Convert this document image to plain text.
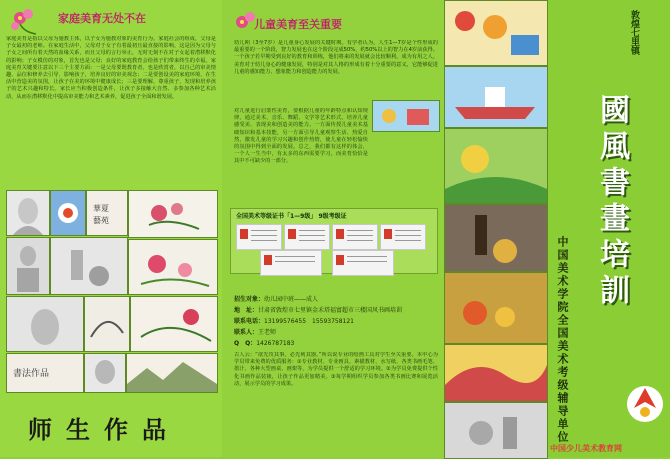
家庭美育无处不在
家庭美育是指以父母为施教主体，以子女为施教对象的美育行为。家庭社会的组成，父母是子女最初的老师。在家庭生活中，父母对于女子有着最初且最直接的影响。这是因为父母与子女之间所有着天然的血缘关系，而且父母的言行举止，无时无刻不在对子女起着潜移默化的影响；子女模仿的对象，首先也是父母；良好的家庭教育会给孩子们带来终生的幸福。家庭美育关键要注意以下三个主要方面：一是父母要既教育者，也是欣赏者，以自己的审美情趣、品位和修养去引导、影响孩子，培养良好的审美观念；二是要创设美的家庭环境，在生活中营造美的氛围，让孩子在美的环境中健康成长；三是要理解、尊重孩子，发现和培养孩子的艺术兴趣和特长。家长应当积极创造条件，让孩子多接触大自然、多参加各种艺术活动，从而在潜移默化中提高审美能力和艺术素养，促进孩子全面和谐发展。
華夏
藝苑
書法作品
师生作品
儿童美育至关重要
幼儿期（3至7岁）是儿童身心发展的关键时期。有学者认为，人生1—7岁是个性形成的最重要的一个阶段，智力发展也在这个阶段完成50%，约50%以上的智力在4岁前获得。一个孩子若早期受到良好的教育和训练，他们将来的发展就会比较顺利，成为有用之人。美育对于幼儿身心的健康发展，特别是对其人格的形成有着十分重要的意义，它能够促进儿童的感知能力、想象能力和创造能力的发展。
对儿童进行启蒙性美育，要根据儿童的年龄特点和认知规律，通过美术、音乐、舞蹈、文学等艺术形式，培养儿童感受美、表现美和创造美的能力。一方面传授儿童美术基础知识和基本技能，另一方面引导儿童观察生活、热爱自然，激发儿童的学习兴趣和创作热情，使儿童在轻松愉快的氛围中得到全面的发展。总之，我们都有这样的体会，一个人一生当中，有太多的东西需要学习，而美育恰恰是其中不可缺少的一部分。
全国美术等级证书「1—9级」 9级考级证
招生对象：幼儿园中班——成人
地　址：甘肃省敦煌市七里镇金禾塔福富超市三楼国风书画培训
联系电话：13199576455　15593758121
联系人：王老师
Q　Q：1426787183
古人云：“欲先攻其事，必先利其器。”所以说专业的绘画工具对学生至关重要。本中心为学员带来免费的优质服务：①专业教材、专业画具、素描教材、水写纸、各类书画毛笔、墨汁、各种大型画桌、画架等，为学员提供一个舒适的学习环境。②为学员免费提供个性化书画作品装裱，让孩子作品更加精美。③每学期组织学员参加各类书画比赛和展览活动，展示学员的学习成果。
敦煌七里镇
國風書畫培訓
中国美术学院全国美术考级辅导单位
中国少儿美术教育网
